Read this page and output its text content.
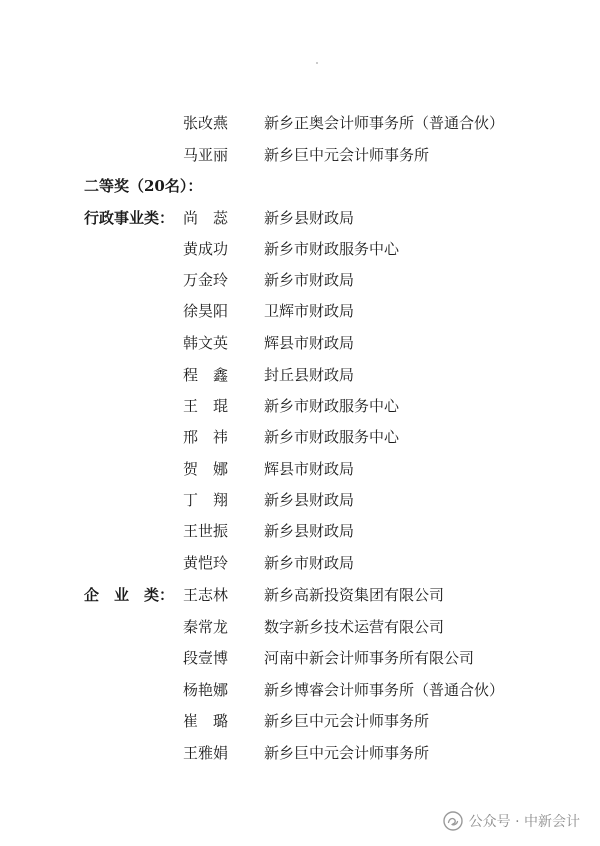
张改燕	新乡正奥会计师事务所（普通合伙）
马亚丽	新乡巨中元会计师事务所
二等奖（20名）：
行政事业类： 尚　蕊	新乡县财政局
黄成功	新乡市财政服务中心
万金玲	新乡市财政局
徐昊阳	卫辉市财政局
韩文英	辉县市财政局
程　鑫	封丘县财政局
王　琨	新乡市财政服务中心
邢　祎	新乡市财政服务中心
贺　娜	辉县市财政局
丁　翔	新乡县财政局
王世振	新乡县财政局
黄恺玲	新乡市财政局
企　业　类： 王志林	新乡高新投资集团有限公司
秦常龙	数字新乡技术运营有限公司
段壹博	河南中新会计师事务所有限公司
杨艳娜	新乡博睿会计师事务所（普通合伙）
崔　璐	新乡巨中元会计师事务所
王雅娟	新乡巨中元会计师事务所
公众号 · 中新会计
